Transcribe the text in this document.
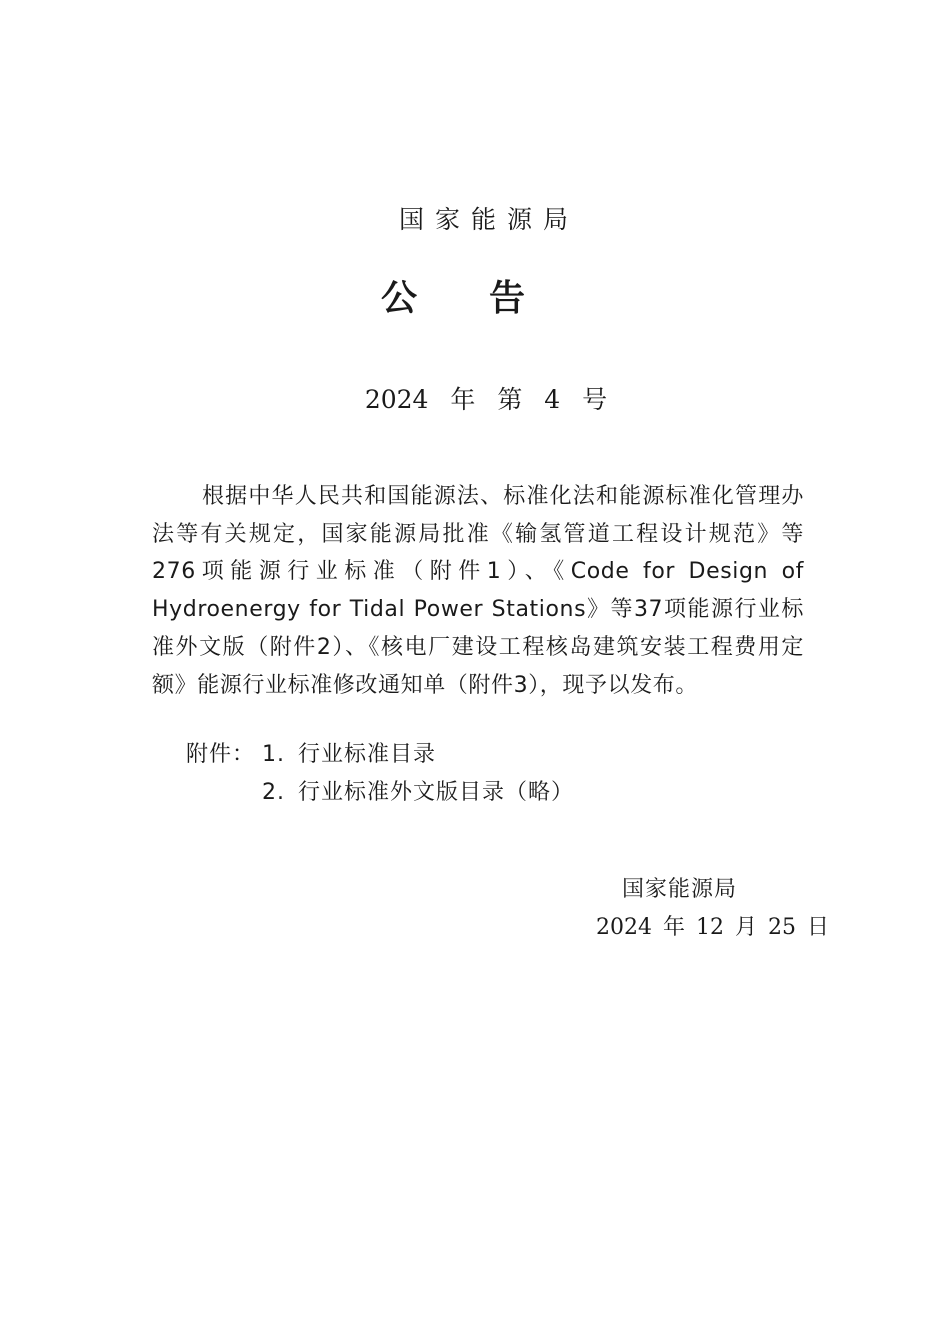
国家能源局
公告

2024 年 第 4 号

根据中华人民共和国能源法、标准化法和能源标准化管理办法等有关规定，国家能源局批准《输氢管道工程设计规范》等276项能源行业标准（附件1）、《Code for Design of Hydroenergy for Tidal Power Stations》等37项能源行业标准外文版（附件2）、《核电厂建设工程核岛建筑安装工程费用定额》能源行业标准修改通知单（附件3），现予以发布。

附件： 1. 行业标准目录
2. 行业标准外文版目录（略）

国家能源局

2024 年 12 月 25 日
